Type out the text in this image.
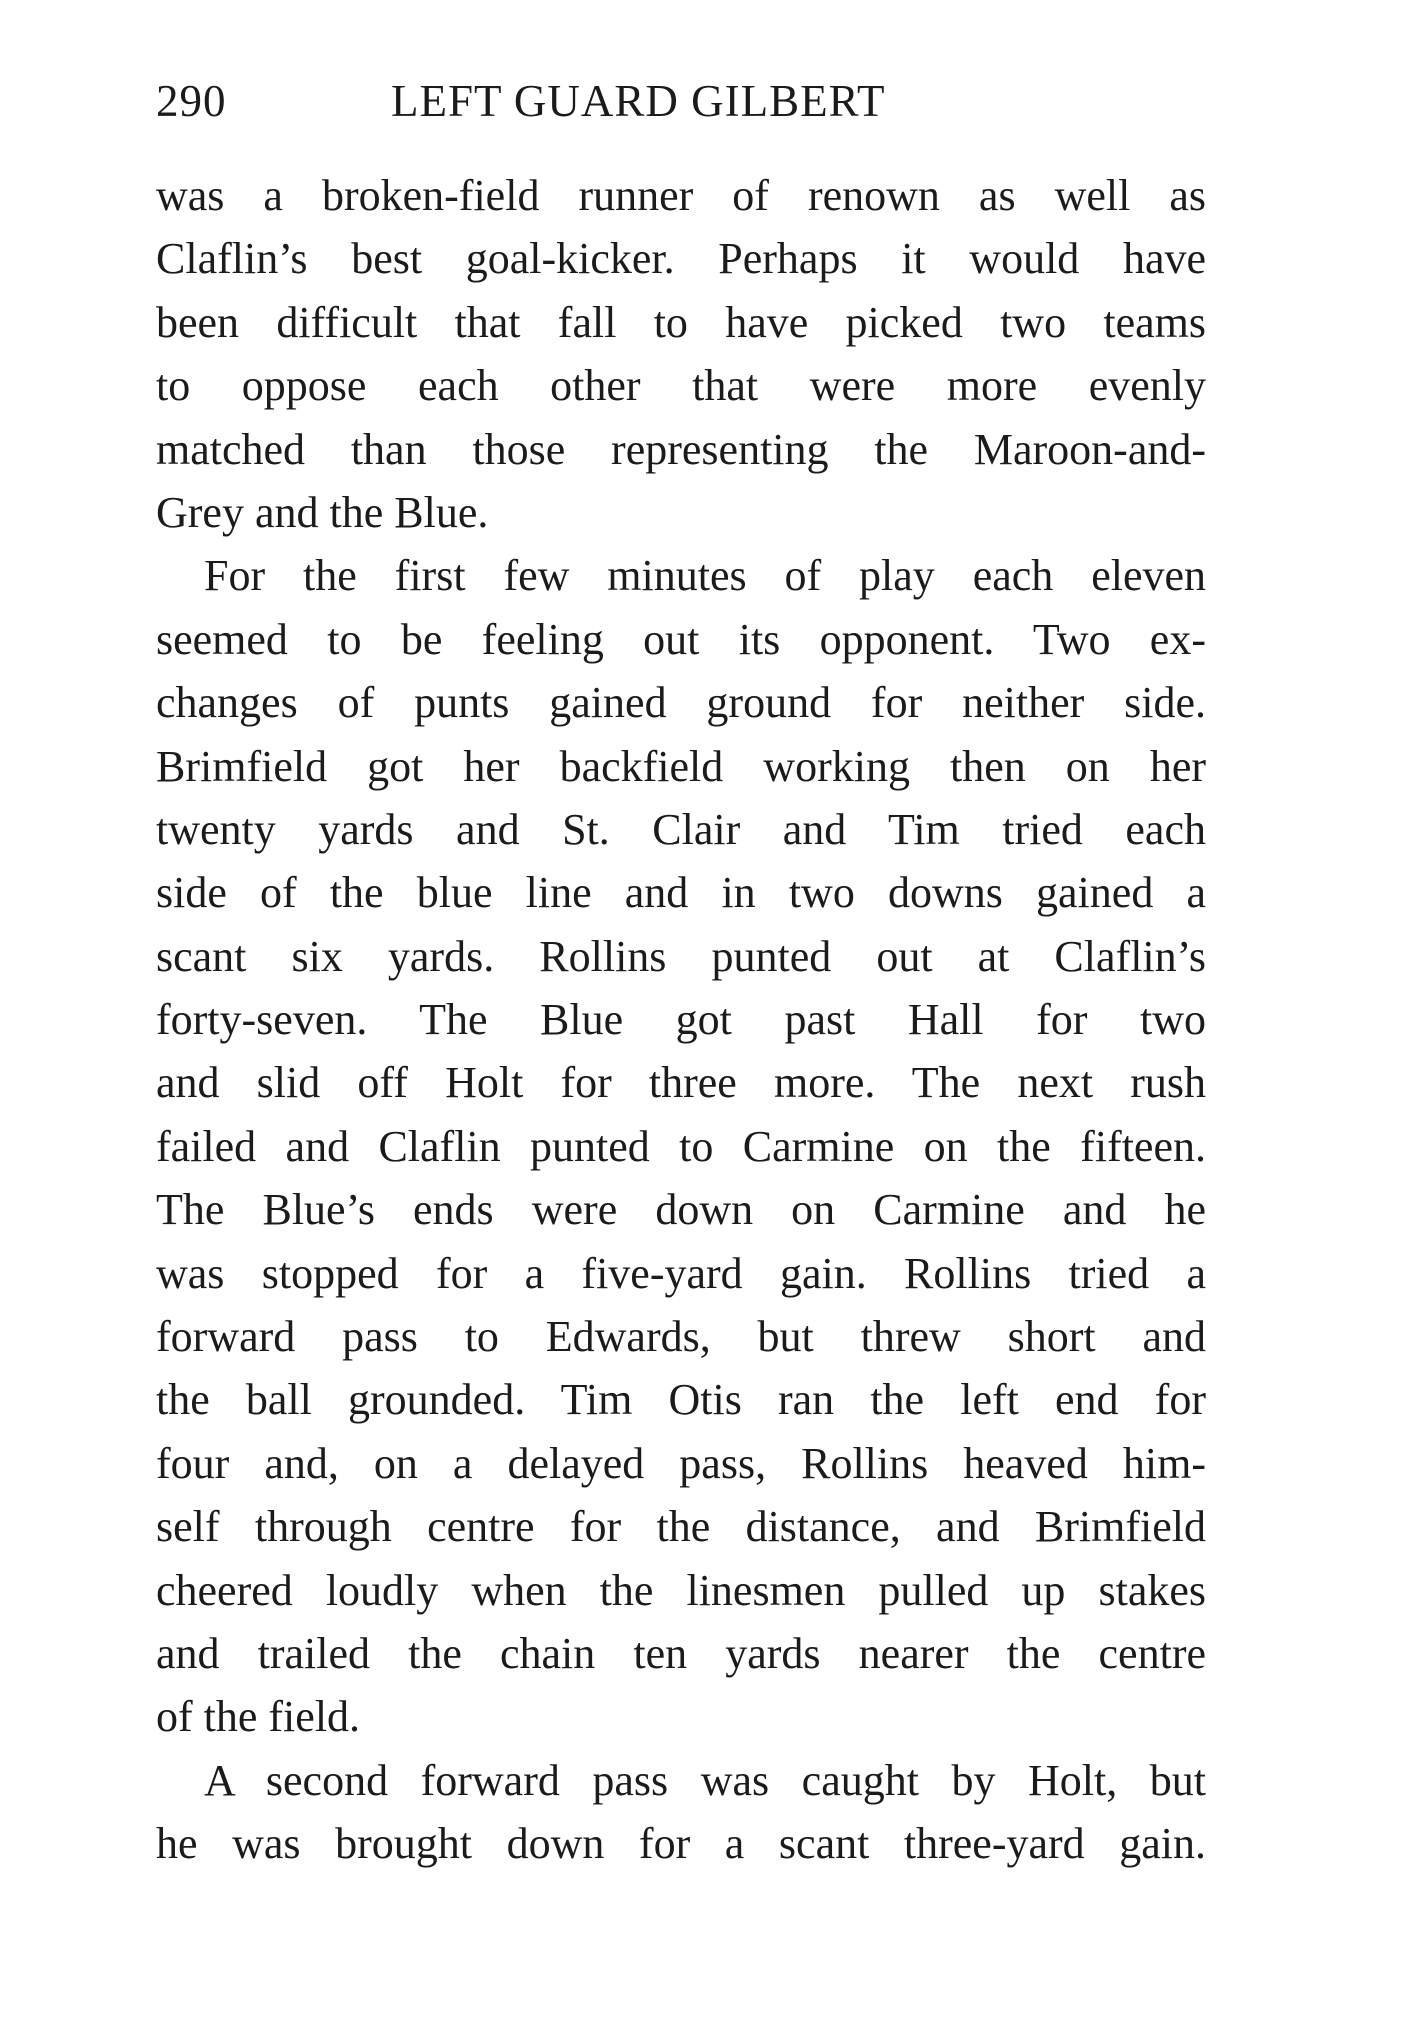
290	LEFT GUARD GILBERT
was a broken-field runner of renown as well as
Claflin’s best goal-kicker. Perhaps it would have
been difficult that fall to have picked two teams
to oppose each other that were more evenly
matched than those representing the Maroon-and-
Grey and the Blue.
For the first few minutes of play each eleven
seemed to be feeling out its opponent. Two ex-
changes of punts gained ground for neither side.
Brimfield got her backfield working then on her
twenty yards and St. Clair and Tim tried each
side of the blue line and in two downs gained a
scant six yards. Rollins punted out at Claflin’s
forty-seven. The Blue got past Hall for two
and slid off Holt for three more. The next rush
failed and Claflin punted to Carmine on the fifteen.
The Blue’s ends were down on Carmine and he
was stopped for a five-yard gain. Rollins tried a
forward pass to Edwards, but threw short and
the ball grounded. Tim Otis ran the left end for
four and, on a delayed pass, Rollins heaved him-
self through centre for the distance, and Brimfield
cheered loudly when the linesmen pulled up stakes
and trailed the chain ten yards nearer the centre
of the field.
A second forward pass was caught by Holt, but
he was brought down for a scant three-yard gain.
